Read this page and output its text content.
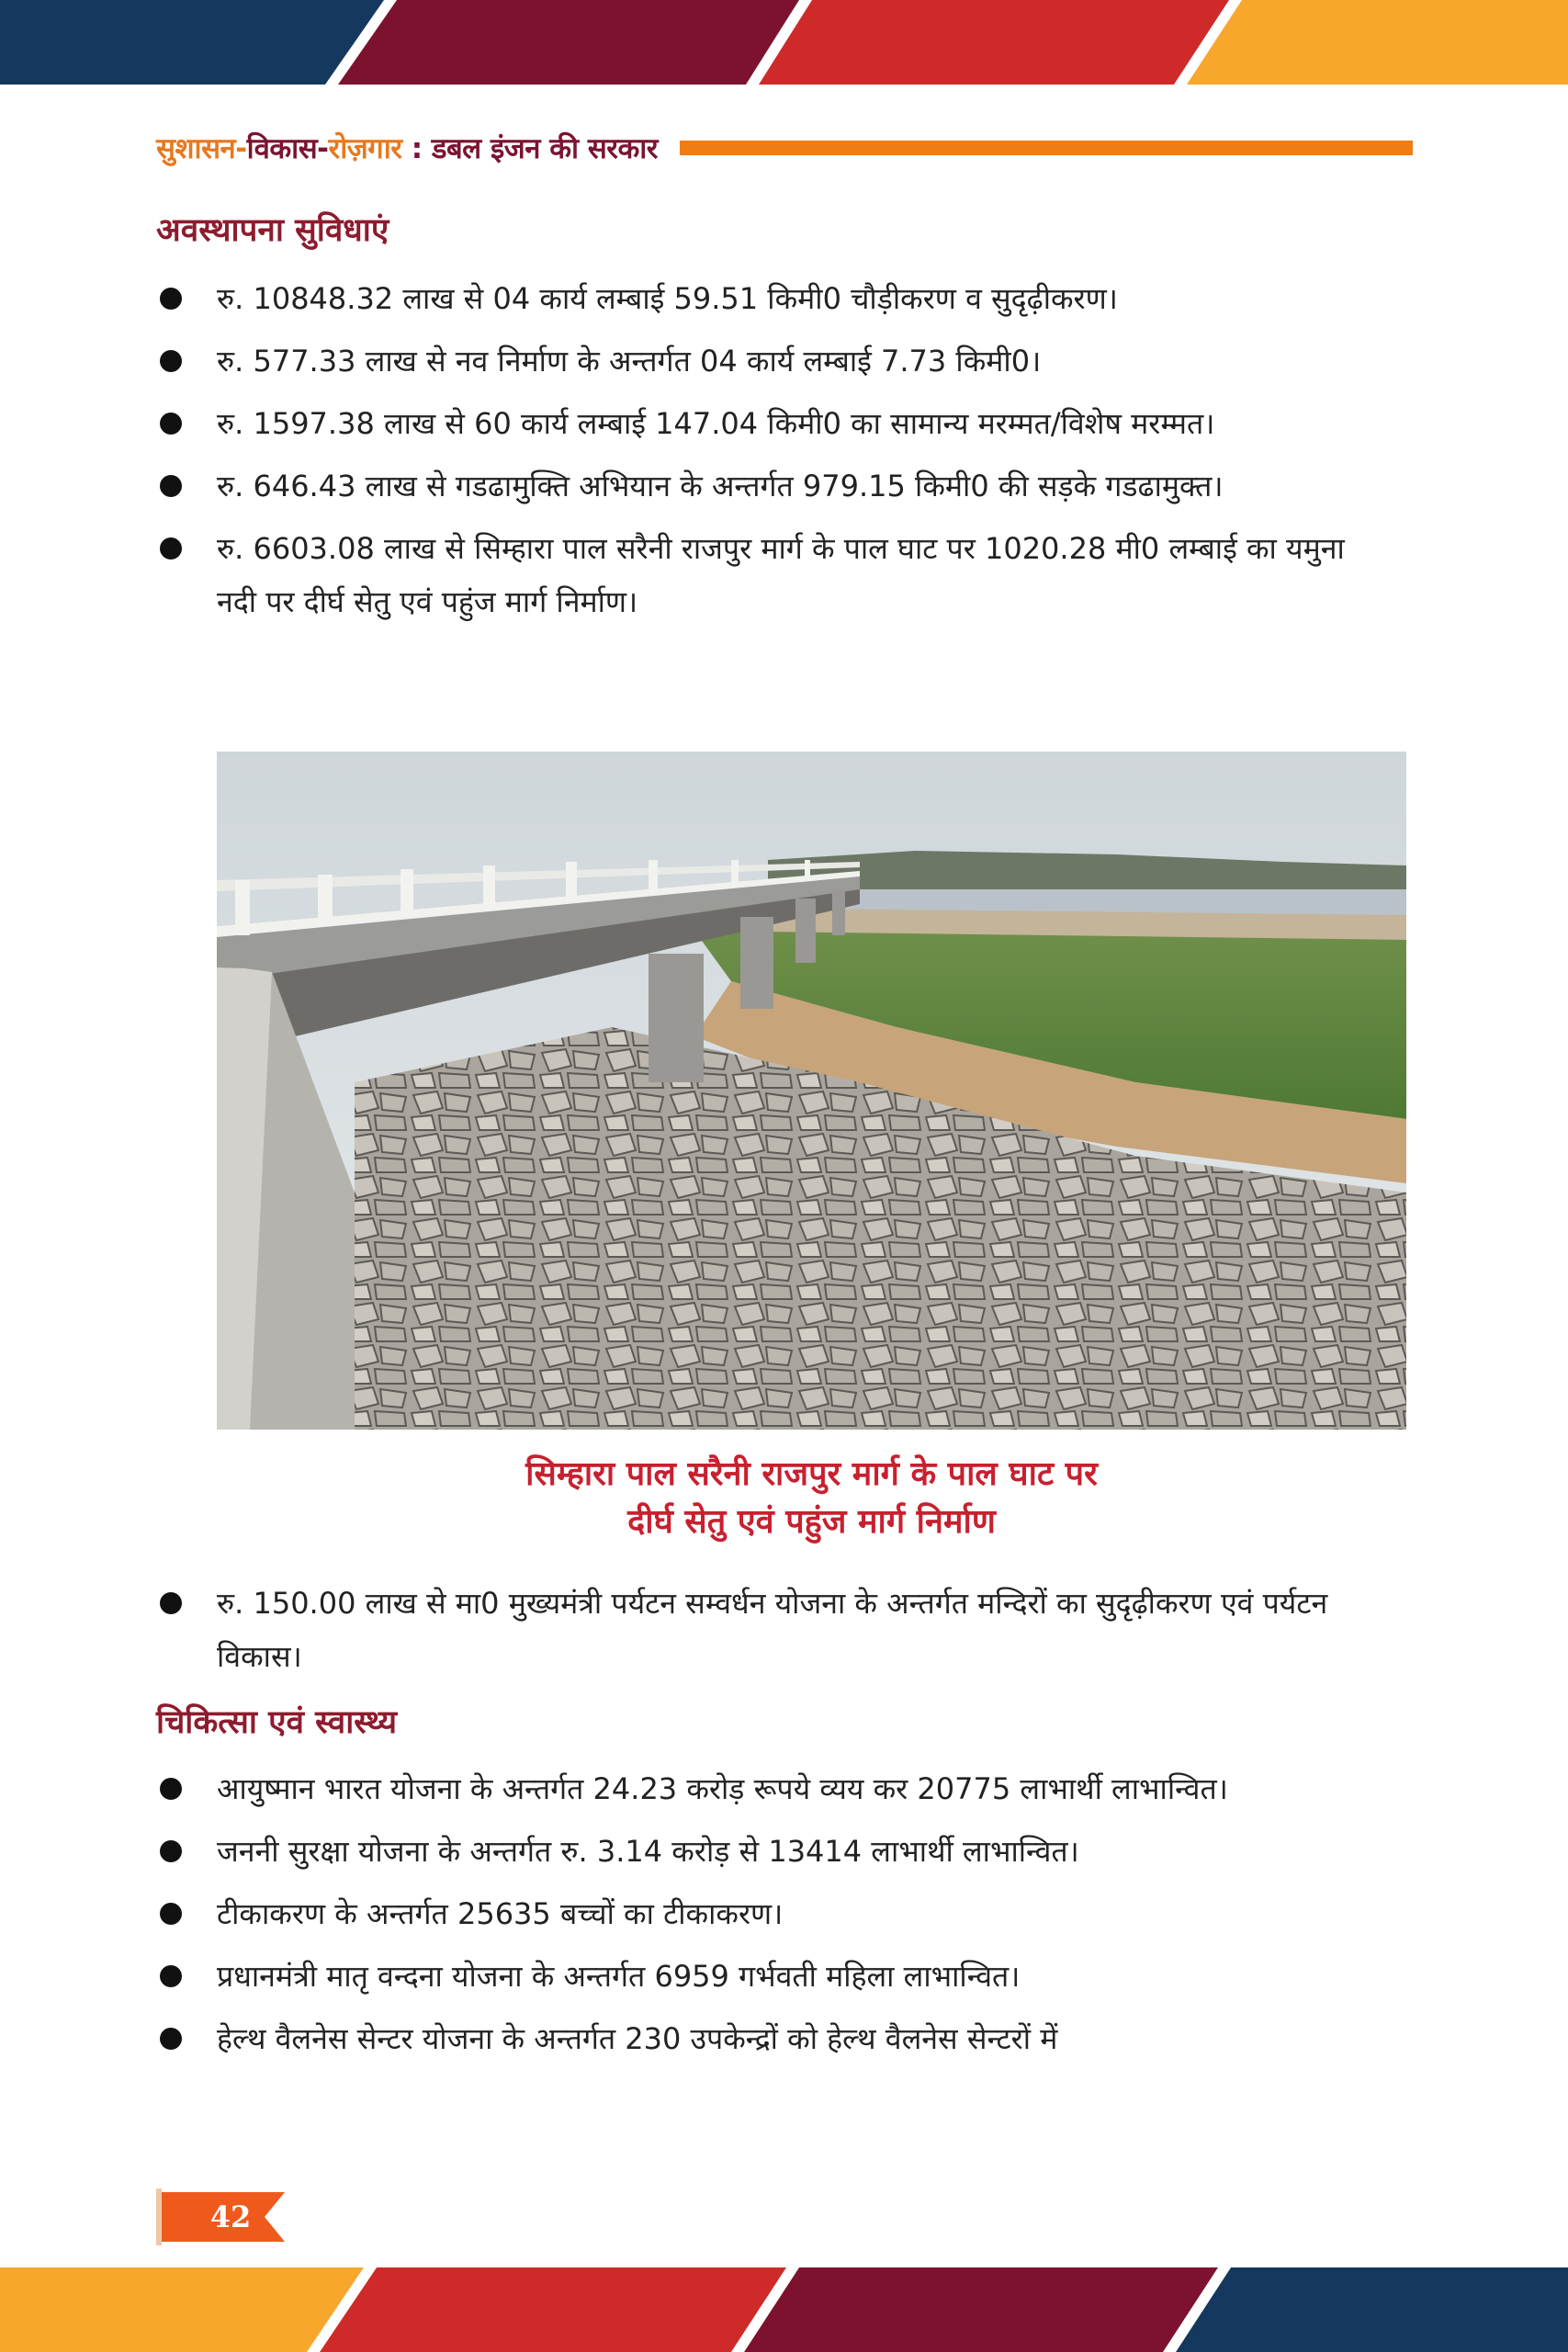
सुशासन-विकास-रोज़गार : डबल इंजन की सरकार
अवस्थापना सुविधाएं
रु. 10848.32 लाख से 04 कार्य लम्बाई 59.51 किमी0 चौड़ीकरण व सुदृढ़ीकरण।
रु. 577.33 लाख से नव निर्माण के अन्तर्गत 04 कार्य लम्बाई 7.73 किमी0।
रु. 1597.38 लाख से 60 कार्य लम्बाई 147.04 किमी0 का सामान्य मरम्मत/विशेष मरम्मत।
रु. 646.43 लाख से गडढामुक्ति अभियान के अन्तर्गत 979.15 किमी0 की सड़के गडढामुक्त।
रु. 6603.08 लाख से सिम्हारा पाल सरैनी राजपुर मार्ग के पाल घाट पर 1020.28 मी0 लम्बाई का यमुना नदी पर दीर्घ सेतु एवं पहुंज मार्ग निर्माण।
सिम्हारा पाल सरैनी राजपुर मार्ग के पाल घाट पर
दीर्घ सेतु एवं पहुंज मार्ग निर्माण
रु. 150.00 लाख से मा0 मुख्यमंत्री पर्यटन सम्वर्धन योजना के अन्तर्गत मन्दिरों का सुदृढ़ीकरण एवं पर्यटन विकास।
चिकित्सा एवं स्वास्थ्य
आयुष्मान भारत योजना के अन्तर्गत 24.23 करोड़ रूपये व्यय कर 20775 लाभार्थी लाभान्वित।
जननी सुरक्षा योजना के अन्तर्गत रु. 3.14 करोड़ से 13414 लाभार्थी लाभान्वित।
टीकाकरण के अन्तर्गत 25635 बच्चों का टीकाकरण।
प्रधानमंत्री मातृ वन्दना योजना के अन्तर्गत 6959 गर्भवती महिला लाभान्वित।
हेल्थ वैलनेस सेन्टर योजना के अन्तर्गत 230 उपकेन्द्रों को हेल्थ वैलनेस सेन्टरों में
42
